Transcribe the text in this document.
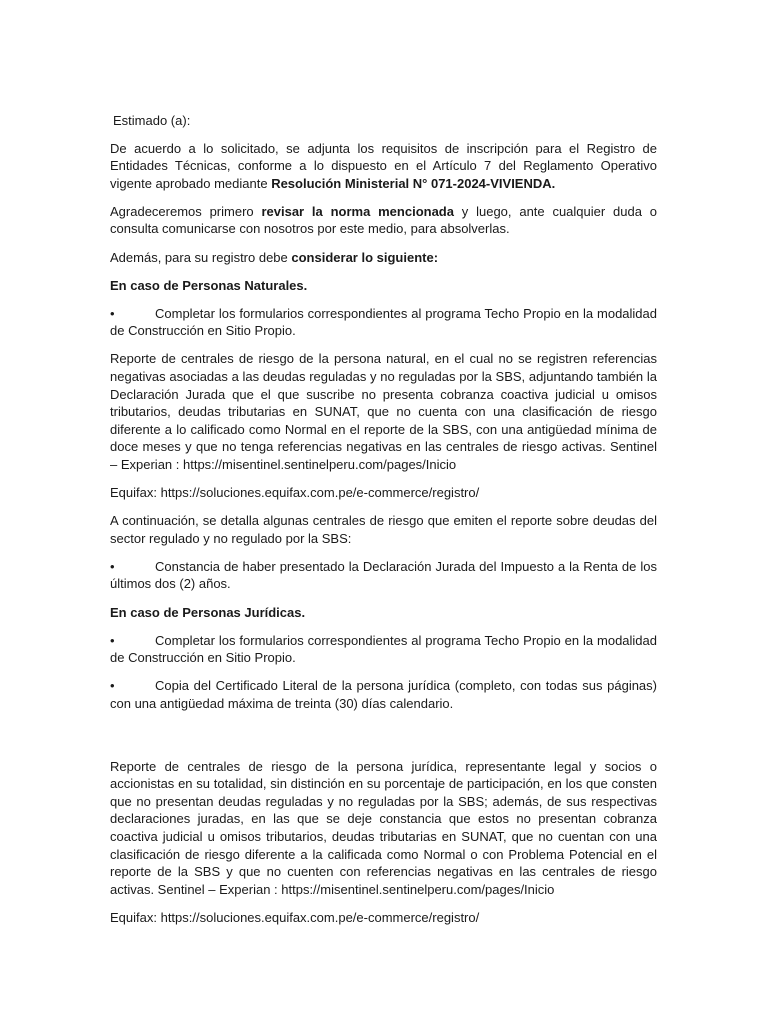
Estimado (a):

De acuerdo a lo solicitado, se adjunta los requisitos de inscripción para el Registro de Entidades Técnicas, conforme a lo dispuesto en el Artículo 7 del Reglamento Operativo vigente aprobado mediante Resolución Ministerial N° 071-2024-VIVIENDA.

Agradeceremos primero revisar la norma mencionada y luego, ante cualquier duda o consulta comunicarse con nosotros por este medio, para absolverlas.

Además, para su registro debe considerar lo siguiente:

En caso de Personas Naturales.

•	Completar los formularios correspondientes al programa Techo Propio en la modalidad de Construcción en Sitio Propio.

Reporte de centrales de riesgo de la persona natural, en el cual no se registren referencias negativas asociadas a las deudas reguladas y no reguladas por la SBS, adjuntando también la Declaración Jurada que el que suscribe no presenta cobranza coactiva judicial u omisos tributarios, deudas tributarias en SUNAT, que no cuenta con una clasificación de riesgo diferente a lo calificado como Normal en el reporte de la SBS, con una antigüedad mínima de doce meses y que no tenga referencias negativas en las centrales de riesgo activas. Sentinel – Experian : https://misentinel.sentinelperu.com/pages/Inicio

Equifax: https://soluciones.equifax.com.pe/e-commerce/registro/

A continuación, se detalla algunas centrales de riesgo que emiten el reporte sobre deudas del sector regulado y no regulado por la SBS:

•	Constancia de haber presentado la Declaración Jurada del Impuesto a la Renta de los últimos dos (2) años.

En caso de Personas Jurídicas.

•	Completar los formularios correspondientes al programa Techo Propio en la modalidad de Construcción en Sitio Propio.

•	Copia del Certificado Literal de la persona jurídica (completo, con todas sus páginas) con una antigüedad máxima de treinta (30) días calendario.

Reporte de centrales de riesgo de la persona jurídica, representante legal y socios o accionistas en su totalidad, sin distinción en su porcentaje de participación, en los que consten que no presentan deudas reguladas y no reguladas por la SBS; además, de sus respectivas declaraciones juradas, en las que se deje constancia que estos no presentan cobranza coactiva judicial u omisos tributarios, deudas tributarias en SUNAT, que no cuentan con una clasificación de riesgo diferente a la calificada como Normal o con Problema Potencial en el reporte de la SBS y que no cuenten con referencias negativas en las centrales de riesgo activas. Sentinel – Experian : https://misentinel.sentinelperu.com/pages/Inicio

Equifax: https://soluciones.equifax.com.pe/e-commerce/registro/
